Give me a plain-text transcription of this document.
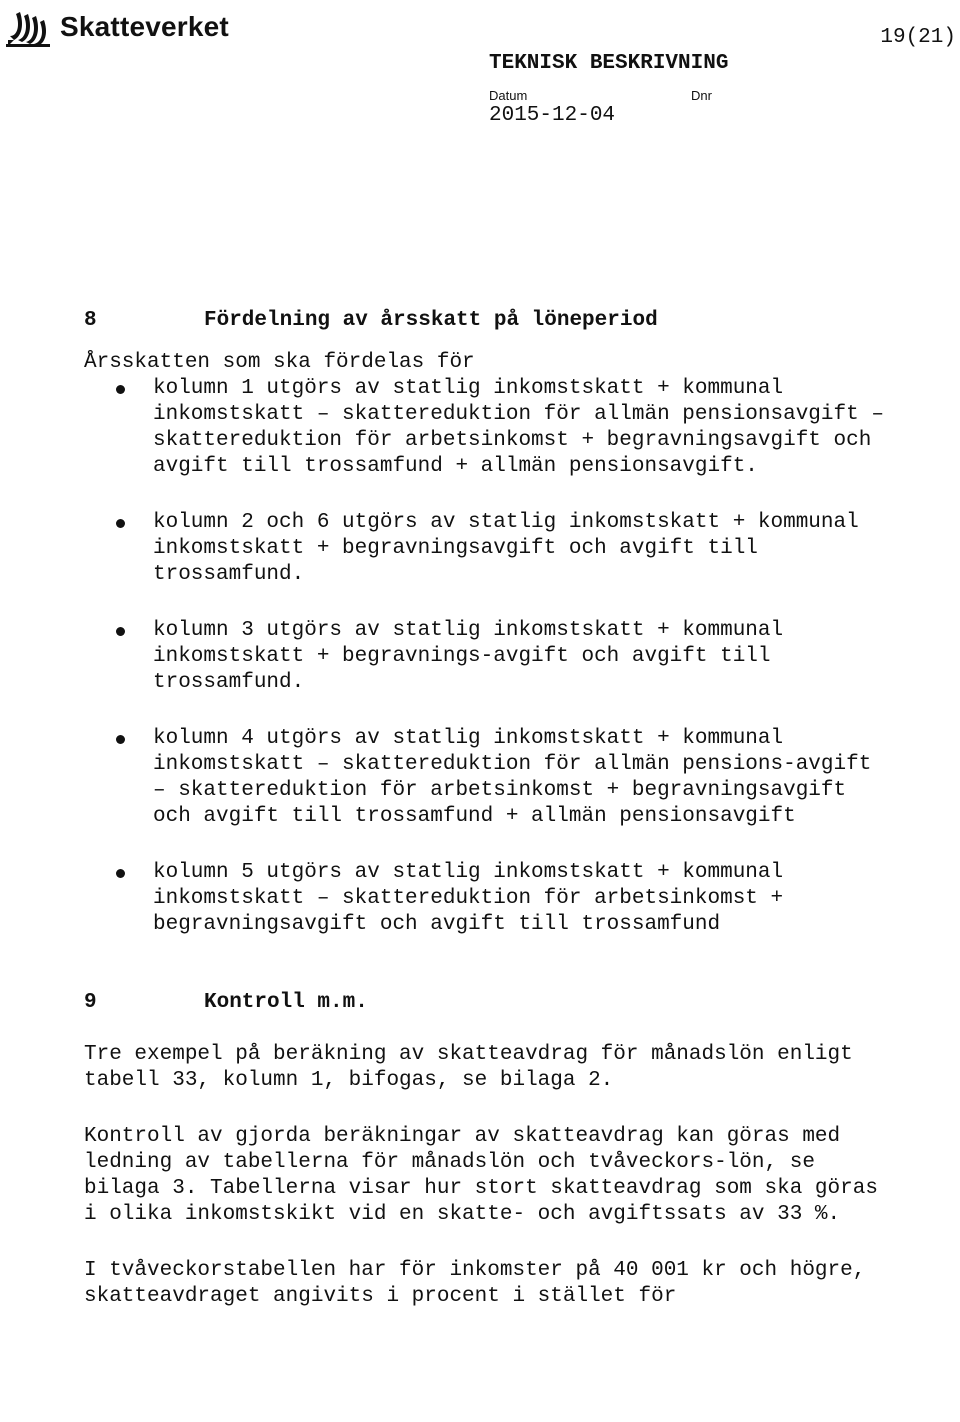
Skatteverket	19(21)
TEKNISK BESKRIVNING
Datum	Dnr
2015-12-04
8	Fördelning av årsskatt på löneperiod

Årsskatten som ska fördelas för

kolumn 1 utgörs av statlig inkomstskatt + kommunal inkomstskatt – skattereduktion för allmän pensionsavgift – skattereduktion för arbetsinkomst + begravningsavgift och avgift till trossamfund + allmän pensionsavgift.
kolumn 2 och 6 utgörs av statlig inkomstskatt + kommunal inkomstskatt + begravningsavgift och avgift till trossamfund.
kolumn 3 utgörs av statlig inkomstskatt + kommunal inkomstskatt + begravnings-avgift och avgift till trossamfund.
kolumn 4 utgörs av statlig inkomstskatt + kommunal inkomstskatt – skattereduktion för allmän pensions-avgift – skattereduktion för arbetsinkomst + begravningsavgift och avgift till trossamfund + allmän pensionsavgift
kolumn 5 utgörs av statlig inkomstskatt + kommunal inkomstskatt – skattereduktion för arbetsinkomst + begravningsavgift och avgift till trossamfund
9	Kontroll m.m.

Tre exempel på beräkning av skatteavdrag för månadslön enligt tabell 33, kolumn 1, bifogas, se bilaga 2.

Kontroll av gjorda beräkningar av skatteavdrag kan göras med ledning av tabellerna för månadslön och tvåveckors-lön, se bilaga 3. Tabellerna visar hur stort skatteavdrag som ska göras i olika inkomstskikt vid en skatte- och avgiftssats av 33 %.

I tvåveckorstabellen har för inkomster på 40 001 kr och högre, skatteavdraget angivits i procent i stället för
